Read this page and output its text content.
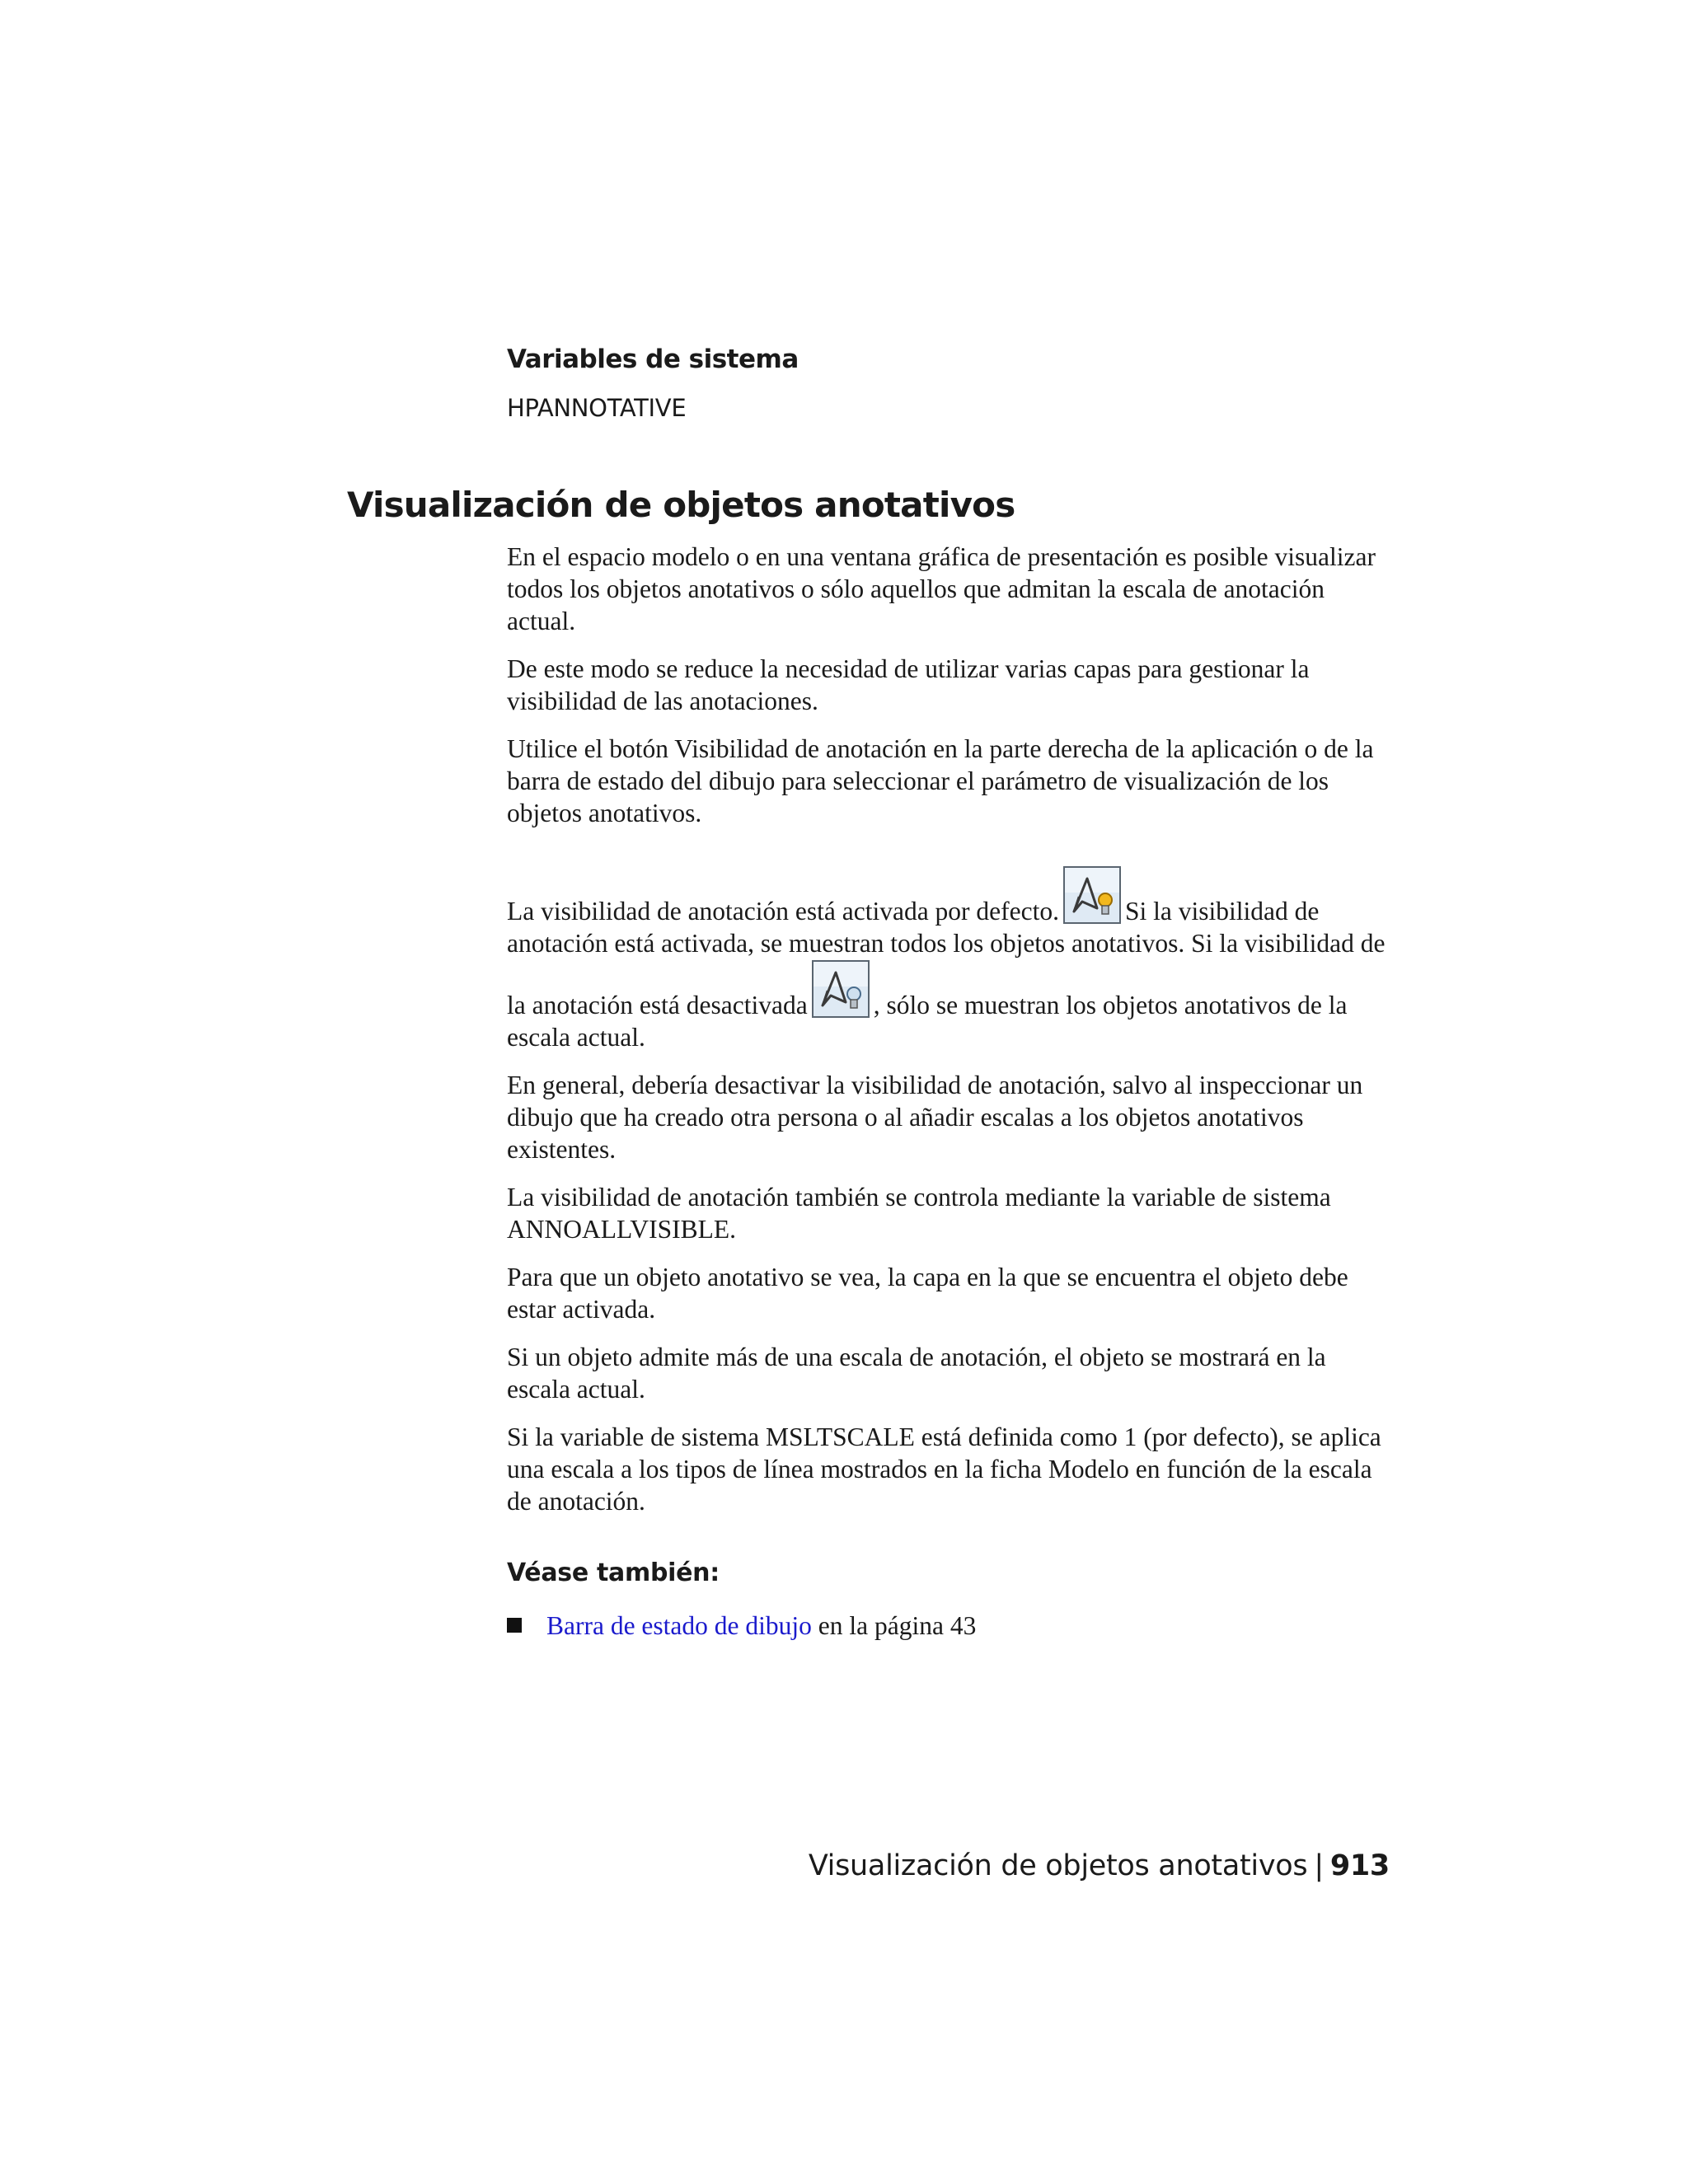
Variables de sistema
HPANNOTATIVE
Visualización de objetos anotativos

En el espacio modelo o en una ventana gráfica de presentación es posible visualizar todos los objetos anotativos o sólo aquellos que admitan la escala de anotación actual.

De este modo se reduce la necesidad de utilizar varias capas para gestionar la visibilidad de las anotaciones.

Utilice el botón Visibilidad de anotación en la parte derecha de la aplicación o de la barra de estado del dibujo para seleccionar el parámetro de visualización de los objetos anotativos.

La visibilidad de anotación está activada por defecto.	Si la visibilidad de anotación está activada, se muestran todos los objetos anotativos. Si la visibilidad de la anotación está desactivada	, sólo se muestran los objetos anotativos de la escala actual.

En general, debería desactivar la visibilidad de anotación, salvo al inspeccionar un dibujo que ha creado otra persona o al añadir escalas a los objetos anotativos existentes.

La visibilidad de anotación también se controla mediante la variable de sistema ANNOALLVISIBLE.

Para que un objeto anotativo se vea, la capa en la que se encuentra el objeto debe estar activada.

Si un objeto admite más de una escala de anotación, el objeto se mostrará en la escala actual.

Si la variable de sistema MSLTSCALE está definida como 1 (por defecto), se aplica una escala a los tipos de línea mostrados en la ficha Modelo en función de la escala de anotación.

Véase también:
Barra de estado de dibujo en la página 43
Visualización de objetos anotativos | 913
